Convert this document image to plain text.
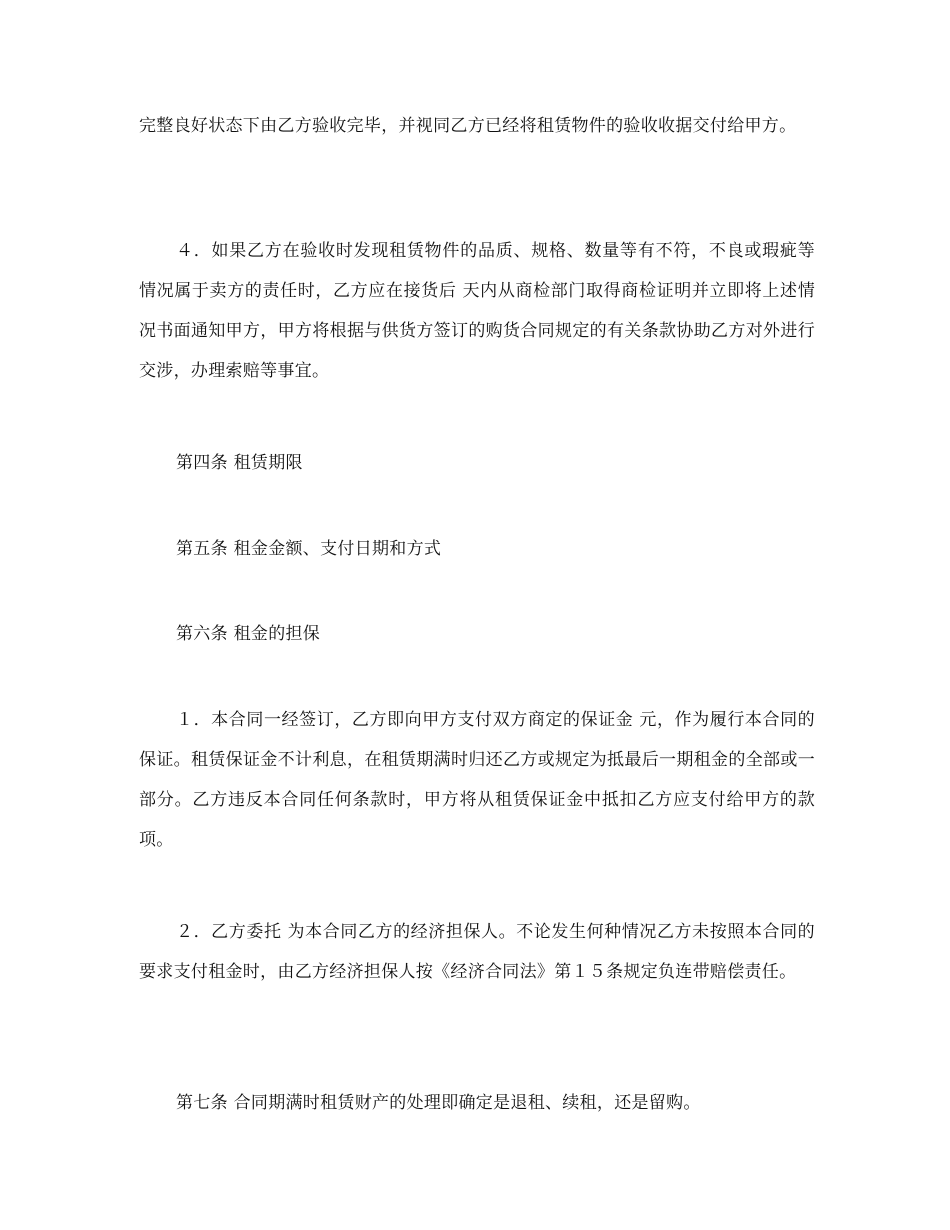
完整良好状态下由乙方验收完毕，并视同乙方已经将租赁物件的验收收据交付给甲方。

４．如果乙方在验收时发现租赁物件的品质、规格、数量等有不符，不良或瑕疵等情况属于卖方的责任时，乙方应在接货后 天内从商检部门取得商检证明并立即将上述情况书面通知甲方，甲方将根据与供货方签订的购货合同规定的有关条款协助乙方对外进行交涉，办理索赔等事宜。

第四条 租赁期限

第五条 租金金额、支付日期和方式

第六条 租金的担保

１．本合同一经签订，乙方即向甲方支付双方商定的保证金 元，作为履行本合同的保证。租赁保证金不计利息，在租赁期满时归还乙方或规定为抵最后一期租金的全部或一部分。乙方违反本合同任何条款时，甲方将从租赁保证金中抵扣乙方应支付给甲方的款项。

２．乙方委托 为本合同乙方的经济担保人。不论发生何种情况乙方未按照本合同的要求支付租金时，由乙方经济担保人按《经济合同法》第１５条规定负连带赔偿责任。

第七条 合同期满时租赁财产的处理即确定是退租、续租，还是留购。
